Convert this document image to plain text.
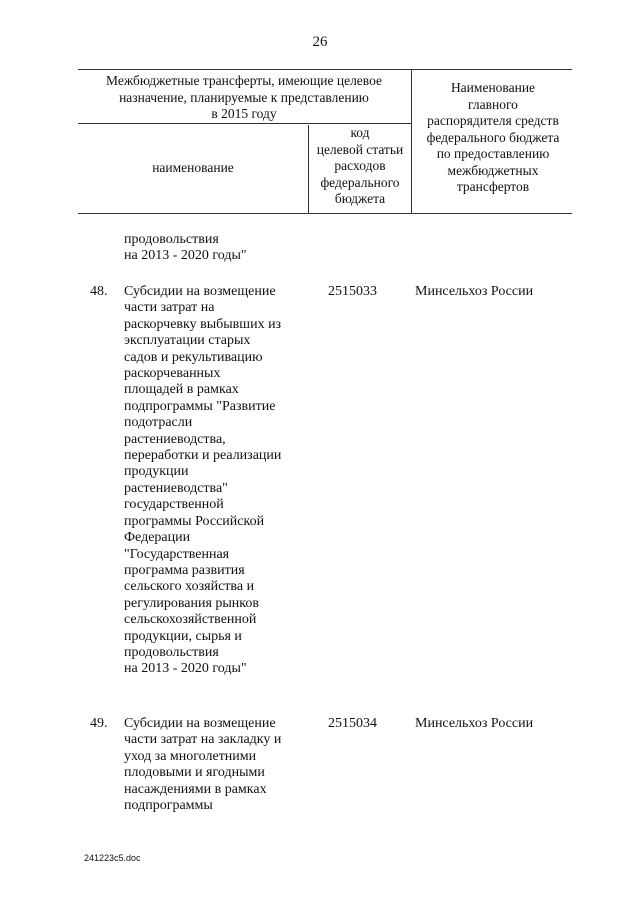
26
Межбюджетные трансферты, имеющие целевое
назначение, планируемые к представлению
в 2015 году
Наименование
главного
распорядителя средств
федерального бюджета
по предоставлению
межбюджетных
трансфертов
наименование
код
целевой статьи
расходов
федерального
бюджета
продовольствия
на 2013 - 2020 годы"
48. Субсидии на возмещение
части затрат на
раскорчевку выбывших из
эксплуатации старых
садов и рекультивацию
раскорчеванных
площадей в рамках
подпрограммы "Развитие
подотрасли
растениеводства,
переработки и реализации
продукции
растениеводства"
государственной
программы Российской
Федерации
"Государственная
программа развития
сельского хозяйства и
регулирования рынков
сельскохозяйственной
продукции, сырья и
продовольствия
на 2013 - 2020 годы"
2515033	Минсельхоз России
49. Субсидии на возмещение
части затрат на закладку и
уход за многолетними
плодовыми и ягодными
насаждениями в рамках
подпрограммы
2515034	Минсельхоз России
241223c5.doc
